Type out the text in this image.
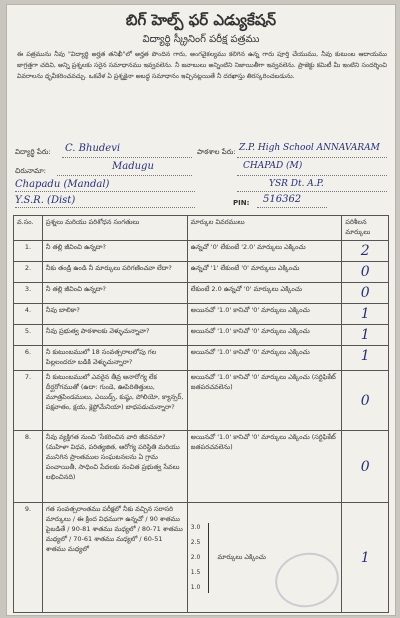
బిగ్ హెల్ప్ ఫర్ ఎడ్యుకేషన్
విద్యార్థి స్క్రీనింగ్ పరీక్ష పత్రము
ఈ పత్రమును నీవు "విద్యార్థి అర్హత తనిఖీ"లో అర్హత పొందిన గారు, అంగవైకల్యము కలిగిన ఉన్న గారు పూర్తి చేయుము, నీవు కుటుంబ ఆదాయము జాగ్రత్తగా చదివి, అన్ని ప్రశ్నలకు సరైన సమాధానము ఇవ్వవలెను. నీ జవాబులు అన్నింటిని నిజాయితీగా ఇవ్వవలెను. ప్రాజెక్టు కమిటీ మీ ఇంటిని సందర్శించి వివరాలను ధృవీకరించవచ్చు. ఒకవేళ ఏ ప్రశ్నకైనా అబద్ధ సమాధానం ఇచ్చినట్లయితే నీ దరఖాస్తు తిరస్కరించబడును.
విద్యార్థి పేరు: C. Bhudevi	పాఠశాల పేరు: Z.P. High School ANNAVARAM
చిరునామా:	Madugu	CHAPAD (M)
Chapadu (Mandal)	YSR Dt. A.P.
Y.S.R. (Dist)	PIN: 516362
వ.సం.	ప్రశ్నలు మరియు పరిశోధన సంగతులు	మార్కుల వివరములు	పరిశీలన మార్కులు
1.	నీ తల్లి జీవించి ఉన్నదా?	ఉన్నచో '0' లేకుంటే '2.0' మార్కులు ఎక్కించు	2
2.	నీకు తండ్రి ఉండి నీ మార్కులు పరిగణించవా లేదా?	ఉన్నచో '1' లేకుంటే '0' మార్కులు ఎక్కించు	0
3.	నీ తల్లి జీవించి ఉన్నదా?	లేకుంటే 2.0 ఉన్నచో '0' మార్కులు ఎక్కించు	0
4.	నీవు బాలికా?	అయినచో '1.0' కానిచో '0' మార్కులు ఎక్కించు	1
5.	నీవు ప్రభుత్వ పాఠశాలకు వెళ్ళుచున్నావా?	అయినచో '1.0' కానిచో '0' మార్కులు ఎక్కించు	1
6.	నీ కుటుంబములో 18 సంవత్సరాలలోపు గల పిల్లలందరూ బడికి వెళ్ళుచున్నారా?	అయినచో '1.0' కానిచో '0' మార్కులు ఎక్కించు	1
7.	నీ కుటుంబములో ఎవరైన తీవ్ర అనారోగ్య లేక దీర్ఘరోగముతో (ఉదా: గుండె, ఊపిరితిత్తులు, మూత్రపిండములు, ఎయిడ్స్, కుష్ఠు, పోలియో, క్యాన్సర్, పక్షవాతం, క్షయ, క్లెప్టోమేనియా) బాధపడుచున్నారా?	అయినచో '1.0' కానిచో '0' మార్కులు ఎక్కించు (సర్టిఫికేట్ జతపరచవలెను)	0
8.	నీవు వ్యక్తిగత నుంచి 'సేకరించిన వారి జీవనమా? (మహిళా విధవ, పరిత్యజిత, ఆరోగ్య పరిస్థితి మరియు మునిగిన ప్రాంతముల సంఘటనలను ఏ గ్రామ పంచాయితీ, సాధించి పేదలకు నంచిత ప్రభుత్వ సేవలు లభించినది)	అయినచో '1.0' కానిచో '0' మార్కులు ఎక్కించు (సర్టిఫికేట్ జతపరచవలెను)	0
9.	గత సంవత్సరాంతము పరీక్షలో నీకు వచ్చిన సరాసరి మార్కులు / ఈ క్రింద విధముగా ఉన్నచో / 90 శాతము పైబడితే / 90-81 శాతము మధ్యలో / 80-71 శాతము మధ్యలో / 70-61 శాతము మధ్యలో / 60-51 శాతము మధ్యలో	3.0
2.5
2.0
1.5
1.0  మార్కులు ఎక్కించు	1
